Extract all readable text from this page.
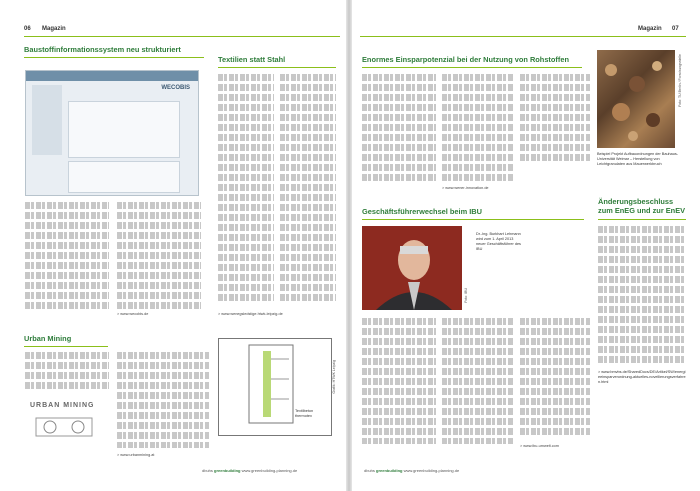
06 Magazin
Baustoffinformationssystem neu strukturiert
WECOBIS
> www.wecobis.de
Textilien statt Stahl
> www.wenegsledstige.htwk-leipzig.de
Textilbeton thermotex
Grafik: HTWK Leipzig
Urban Mining
URBAN MINING
> www.urbanmining.at
dbuhs greenbuilding www.greenbuilding-planning.de
Magazin 07
Enormes Einsparpotenzial bei der Nutzung von Rohstoffen
> www.wener-innovation.de
Foto: TU Berlin / Forschungsstelle
Beispiel Projekt Aufbauordnungen der Bauhaus-Universität Weimar – Herstellung von Leichtgranulaten aus Mauerwerkbruch
Geschäftsführerwechsel beim IBU
Dr.-Ing. Burkhart Lehmann wird zum 1. April 2013 neuer Geschäftsführer des IBU
Foto: IBU
> www.ibu-umwelt.com
Änderungsbeschluss zum EnEG und zur EnEV
> www.bmvbs.de/SharedDocs/DE/Artikel/SW/energieeinsparverordnung-aktuelles-novellierungsverfahren.html
dbuhs greenbuilding www.greenbuilding-planning.de
